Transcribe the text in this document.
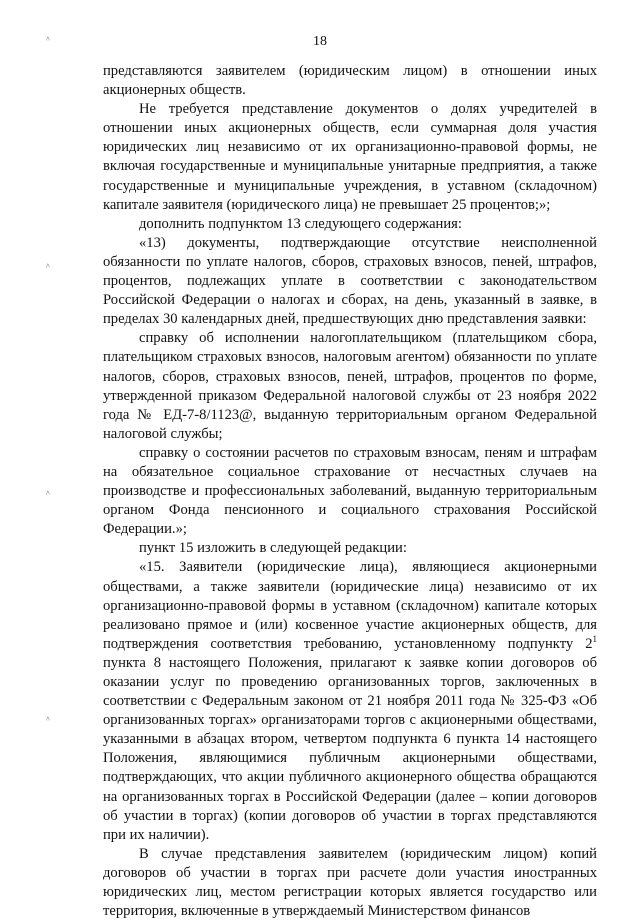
18
^
^
^
^

представляются заявителем (юридическим лицом) в отношении иных акционерных обществ.

Не требуется представление документов о долях учредителей в отношении иных акционерных обществ, если суммарная доля участия юридических лиц независимо от их организационно-правовой формы, не включая государственные и муниципальные унитарные предприятия, а также государственные и муниципальные учреждения, в уставном (складочном) капитале заявителя (юридического лица) не превышает 25 процентов;»;

дополнить подпунктом 13 следующего содержания:

«13) документы, подтверждающие отсутствие неисполненной обязанности по уплате налогов, сборов, страховых взносов, пеней, штрафов, процентов, подлежащих уплате в соответствии с законодательством Российской Федерации о налогах и сборах, на день, указанный в заявке, в пределах 30 календарных дней, предшествующих дню представления заявки:

справку об исполнении налогоплательщиком (плательщиком сбора, плательщиком страховых взносов, налоговым агентом) обязанности по уплате налогов, сборов, страховых взносов, пеней, штрафов, процентов по форме, утвержденной приказом Федеральной налоговой службы от 23 ноября 2022 года № ЕД-7-8/1123@, выданную территориальным органом Федеральной налоговой службы;

справку о состоянии расчетов по страховым взносам, пеням и штрафам на обязательное социальное страхование от несчастных случаев на производстве и профессиональных заболеваний, выданную территориальным органом Фонда пенсионного и социального страхования Российской Федерации.»;

пункт 15 изложить в следующей редакции:

«15. Заявители (юридические лица), являющиеся акционерными обществами, а также заявители (юридические лица) независимо от их организационно-правовой формы в уставном (складочном) капитале которых реализовано прямое и (или) косвенное участие акционерных обществ, для подтверждения соответствия требованию, установленному подпункту $2^1$ пункта 8 настоящего Положения, прилагают к заявке копии договоров об оказании услуг по проведению организованных торгов, заключенных в соответствии с Федеральным законом от 21 ноября 2011 года № 325-ФЗ «Об организованных торгах» организаторами торгов с акционерными обществами, указанными в абзацах втором, четвертом подпункта 6 пункта 14 настоящего Положения, являющимися публичным акционерными обществами, подтверждающих, что акции публичного акционерного общества обращаются на организованных торгах в Российской Федерации (далее – копии договоров об участии в торгах) (копии договоров об участии в торгах представляются при их наличии).

В случае представления заявителем (юридическим лицом) копий договоров об участии в торгах при расчете доли участия иностранных юридических лиц, местом регистрации которых является государство или территория, включенные в утверждаемый Министерством финансов
